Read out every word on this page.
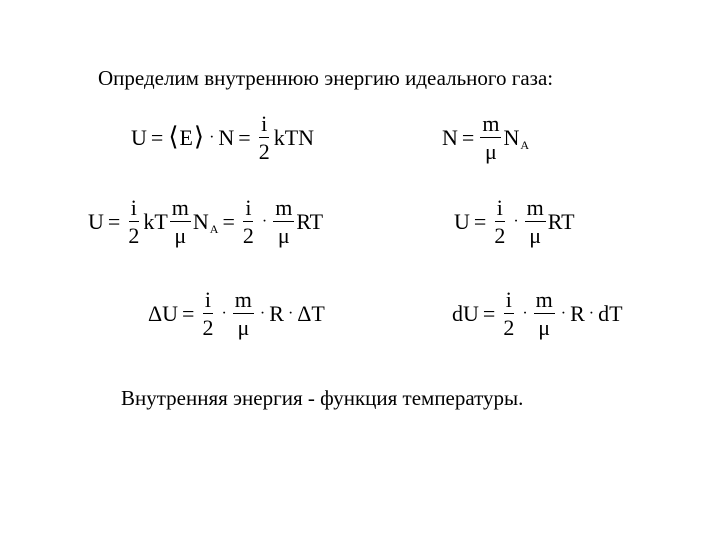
Определим внутреннюю энергию идеального газа:
U = ⟨ E ⟩ · $N = \frac{i}{2}$ kTN	$N = \frac{m}{\mu}$ N A
$U = \frac{i}{2}$ kT $\frac{m}{\mu}$ N $A = \frac{i}{2} \cdot \frac{m}{\mu}$ RT	$U = \frac{i}{2} \cdot \frac{m}{\mu}$ RT
$\Delta U = \frac{i}{2} \cdot \frac{m}{\mu} \cdot R \cdot \Delta T$	dU = $\frac{i}{2} \cdot \frac{m}{\mu} \cdot R$ · dT
Внутренняя энергия - функция температуры.
